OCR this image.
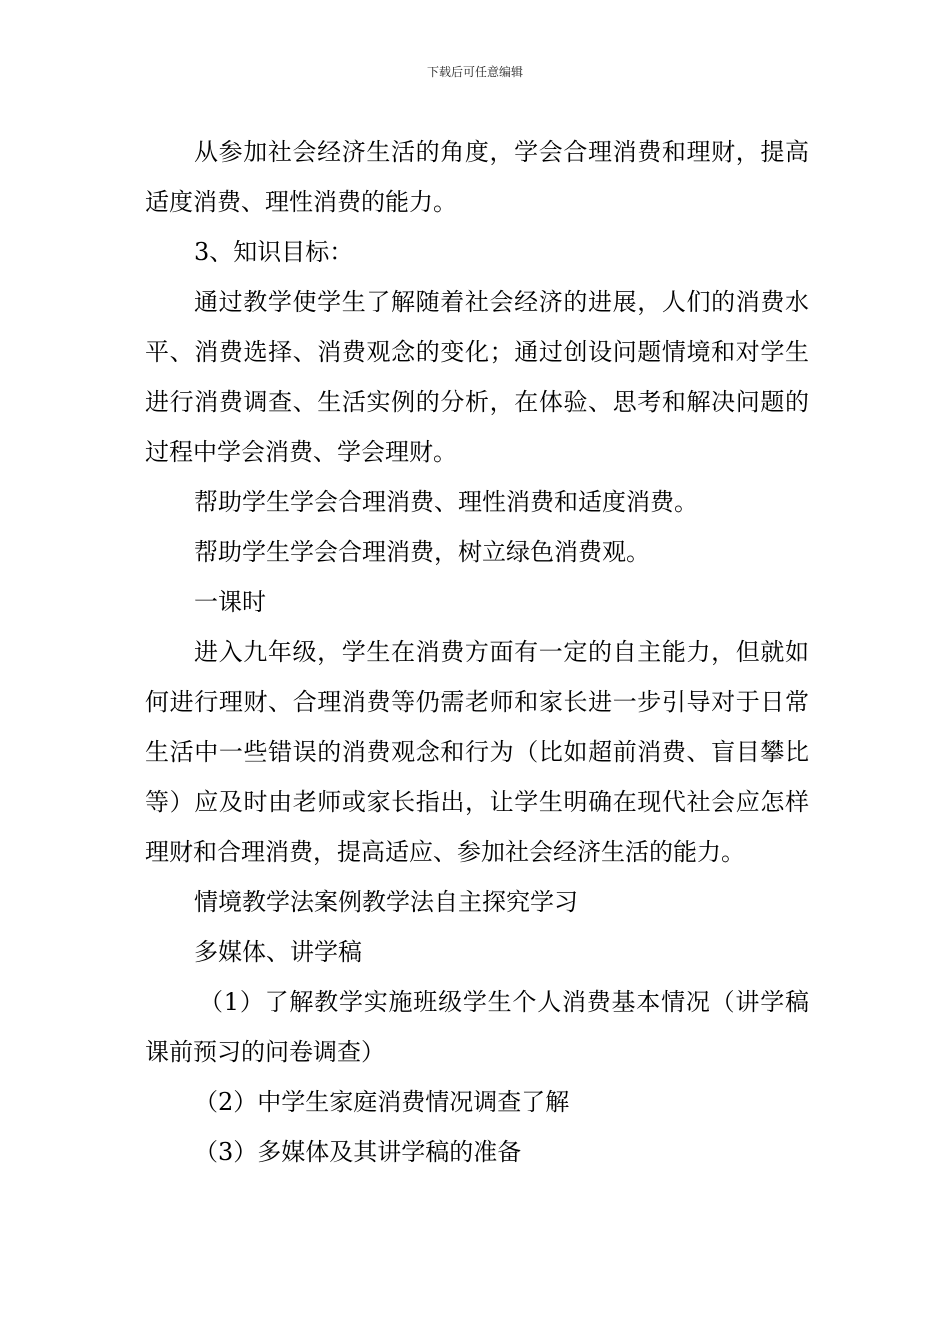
下载后可任意编辑

从参加社会经济生活的角度，学会合理消费和理财，提高适度消费、理性消费的能力。

3、知识目标：

通过教学使学生了解随着社会经济的进展，人们的消费水平、消费选择、消费观念的变化；通过创设问题情境和对学生进行消费调查、生活实例的分析，在体验、思考和解决问题的过程中学会消费、学会理财。

帮助学生学会合理消费、理性消费和适度消费。

帮助学生学会合理消费，树立绿色消费观。

一课时

进入九年级，学生在消费方面有一定的自主能力，但就如何进行理财、合理消费等仍需老师和家长进一步引导对于日常生活中一些错误的消费观念和行为（比如超前消费、盲目攀比等）应及时由老师或家长指出，让学生明确在现代社会应怎样理财和合理消费，提高适应、参加社会经济生活的能力。

情境教学法案例教学法自主探究学习

多媒体、讲学稿

（1）了解教学实施班级学生个人消费基本情况（讲学稿课前预习的问卷调查）

（2）中学生家庭消费情况调查了解

（3）多媒体及其讲学稿的准备
